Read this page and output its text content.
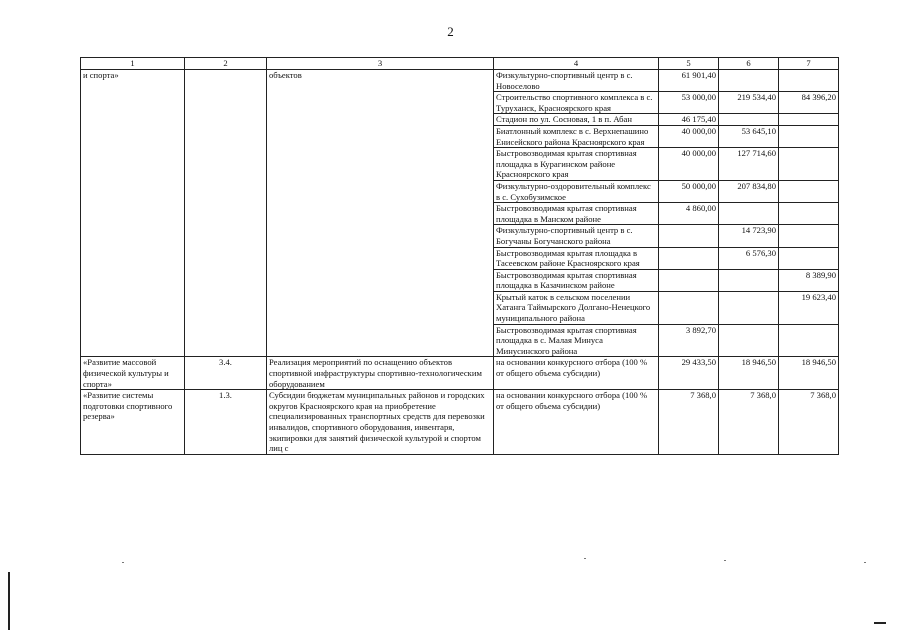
2
1	2	3	4	5	6	7
и спорта»		объектов	Физкультурно-спортивный центр в с. Новоселово	61 901,40		
			Строительство спортивного комплекса в с. Туруханск, Красноярского края	53 000,00	219 534,40	84 396,20
			Стадион по ул. Сосновая, 1 в п. Абан	46 175,40		
			Биатлонный комплекс в с. Верхнепашино Енисейского района Красноярского края	40 000,00	53 645,10	
			Быстровозводимая крытая спортивная площадка в Курагинском районе Красноярского края	40 000,00	127 714,60	
			Физкультурно-оздоровительный комплекс в с. Сухобузимское	50 000,00	207 834,80	
			Быстровозводимая крытая спортивная площадка в Манском районе	4 860,00		
			Физкультурно-спортивный центр в с. Богучаны Богучанского района		14 723,90	
			Быстровозводимая крытая площадка в Тасеевском районе Красноярского края		6 576,30	
			Быстровозводимая крытая спортивная площадка в Казачинском районе			8 389,90
			Крытый каток в сельском поселении Хатанга Таймырского Долгано-Ненецкого муниципального района			19 623,40
			Быстровозводимая крытая спортивная площадка в с. Малая Минуса Минусинского района	3 892,70		
«Развитие массовой физической культуры и спорта»	3.4.	Реализация мероприятий по оснащению объектов спортивной инфраструктуры спортивно-технологическим оборудованием	на основании конкурсного отбора (100 % от общего объема субсидии)	29 433,50	18 946,50	18 946,50
«Развитие системы подготовки спортивного резерва»	1.3.	Субсидии бюджетам муниципальных районов и городских округов Красноярского края на приобретение специализированных транспортных средств для перевозки инвалидов, спортивного оборудования, инвентаря, экипировки для занятий физической культурой и спортом лиц с	на основании конкурсного отбора (100 % от общего объема субсидии)	7 368,0	7 368,0	7 368,0
